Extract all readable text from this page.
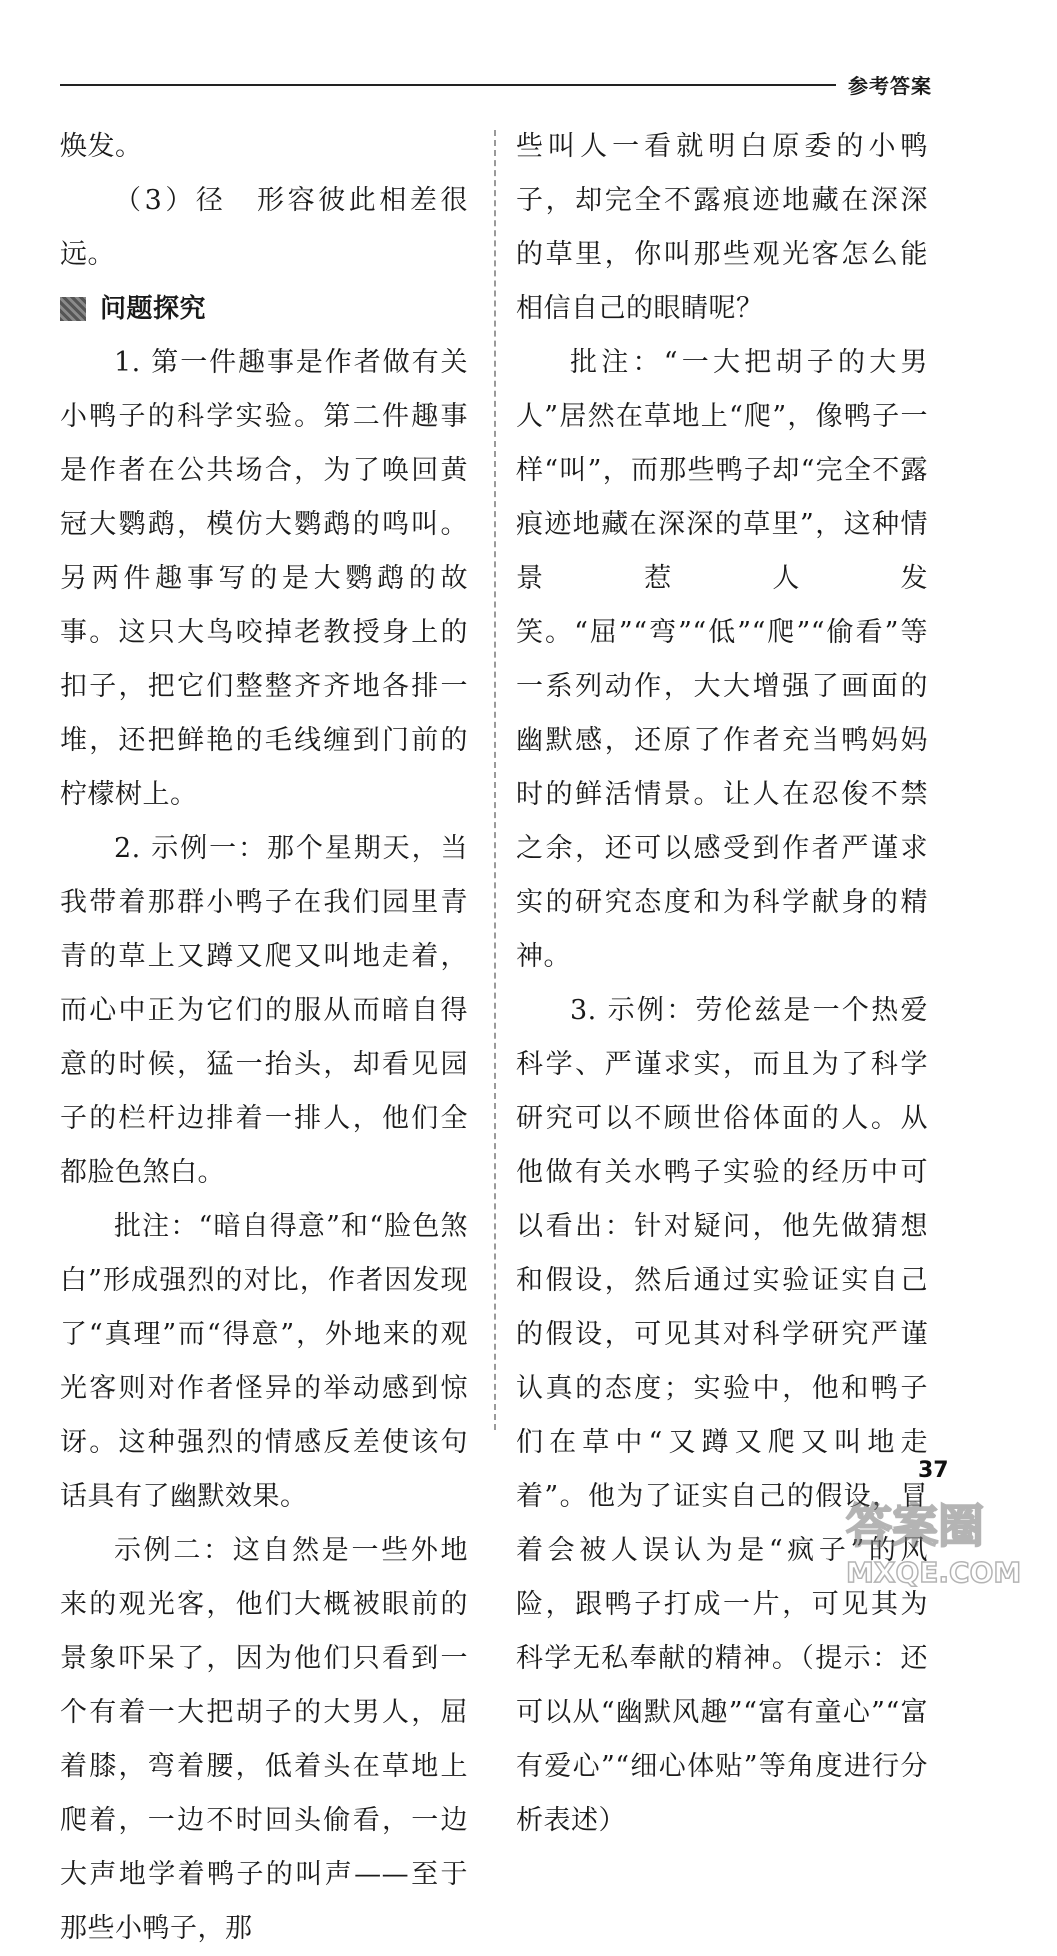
参考答案

焕发。

（3）径　形容彼此相差很远。

问题探究

1. 第一件趣事是作者做有关小鸭子的科学实验。第二件趣事是作者在公共场合，为了唤回黄冠大鹦鹉，模仿大鹦鹉的鸣叫。另两件趣事写的是大鹦鹉的故事。这只大鸟咬掉老教授身上的扣子，把它们整整齐齐地各排一堆，还把鲜艳的毛线缠到门前的柠檬树上。

2. 示例一：那个星期天，当我带着那群小鸭子在我们园里青青的草上又蹲又爬又叫地走着，而心中正为它们的服从而暗自得意的时候，猛一抬头，却看见园子的栏杆边排着一排人，他们全都脸色煞白。

批注：“暗自得意”和“脸色煞白”形成强烈的对比，作者因发现了“真理”而“得意”，外地来的观光客则对作者怪异的举动感到惊讶。这种强烈的情感反差使该句话具有了幽默效果。

示例二：这自然是一些外地来的观光客，他们大概被眼前的景象吓呆了，因为他们只看到一个有着一大把胡子的大男人，屈着膝，弯着腰，低着头在草地上爬着，一边不时回头偷看，一边大声地学着鸭子的叫声——至于那些小鸭子，那

些叫人一看就明白原委的小鸭子，却完全不露痕迹地藏在深深的草里，你叫那些观光客怎么能相信自己的眼睛呢？

批注：“一大把胡子的大男人”居然在草地上“爬”，像鸭子一样“叫”，而那些鸭子却“完全不露痕迹地藏在深深的草里”，这种情景惹人发笑。“屈”“弯”“低”“爬”“偷看”等一系列动作，大大增强了画面的幽默感，还原了作者充当鸭妈妈时的鲜活情景。让人在忍俊不禁之余，还可以感受到作者严谨求实的研究态度和为科学献身的精神。

3. 示例：劳伦兹是一个热爱科学、严谨求实，而且为了科学研究可以不顾世俗体面的人。从他做有关水鸭子实验的经历中可以看出：针对疑问，他先做猜想和假设，然后通过实验证实自己的假设，可见其对科学研究严谨认真的态度；实验中，他和鸭子们在草中“又蹲又爬又叫地走着”。他为了证实自己的假设，冒着会被人误认为是“疯子”的风险，跟鸭子打成一片，可见其为科学无私奉献的精神。（提示：还可以从“幽默风趣”“富有童心”“富有爱心”“细心体贴”等角度进行分析表述）

37
答案圈
MXQE.COM
